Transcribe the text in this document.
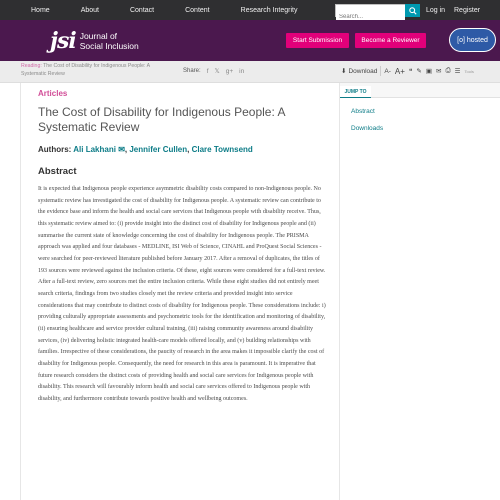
Home	About	Contact	Content	Research Integrity
Search...	Log in Register
jsi Journal of
Social Inclusion	Start Submission	Become a Reviewer	[o] hosted
Reading: The Cost of Disability for Indigenous People: A Systematic Review	Share: f 𝕏 g+ in	⬇ Download A- A+ ❝ ✎ ▣ ✉ ⎙ ☰ Tools
Articles
The Cost of Disability for Indigenous People: A Systematic Review
Authors: Ali Lakhani ✉, Jennifer Cullen, Clare Townsend
Abstract
It is expected that Indigenous people experience asymmetric disability costs compared to non-Indigenous people. No systematic review has investigated the cost of disability for Indigenous people. A systematic review can contribute to the evidence base and inform the health and social care services that Indigenous people with disability receive. Thus, this systematic review aimed to: (i) provide insight into the distinct cost of disability for Indigenous people and (ii) summarise the current state of knowledge concerning the cost of disability for Indigenous people. The PRISMA approach was applied and four databases - MEDLINE, ISI Web of Science, CINAHL and ProQuest Social Sciences - were searched for peer-reviewed literature published before January 2017. After a removal of duplicates, the titles of 193 sources were reviewed against the inclusion criteria. Of these, eight sources were considered for a full-text review. After a full-text review, zero sources met the entire inclusion criteria. While these eight studies did not entirely meet search criteria, findings from two studies closely met the review criteria and provided insight into service considerations that may contribute to distinct costs of disability for Indigenous people. These considerations include: i) providing culturally appropriate assessments and psychometric tools for the identification and monitoring of disability, (ii) ensuring healthcare and service provider cultural training, (iii) raising community awareness around disability services, (iv) delivering holistic integrated health-care models offered locally, and (v) building relationships with families. Irrespective of these considerations, the paucity of research in the area makes it impossible clarify the cost of disability for Indigenous people. Consequently, the need for research in this area is paramount. It is imperative that future research considers the distinct costs of providing health and social care services for Indigenous people with disability. This research will favourably inform health and social care services offered to Indigenous people with disability, and furthermore contribute towards positive health and wellbeing outcomes.
JUMP TO
Abstract
Downloads
